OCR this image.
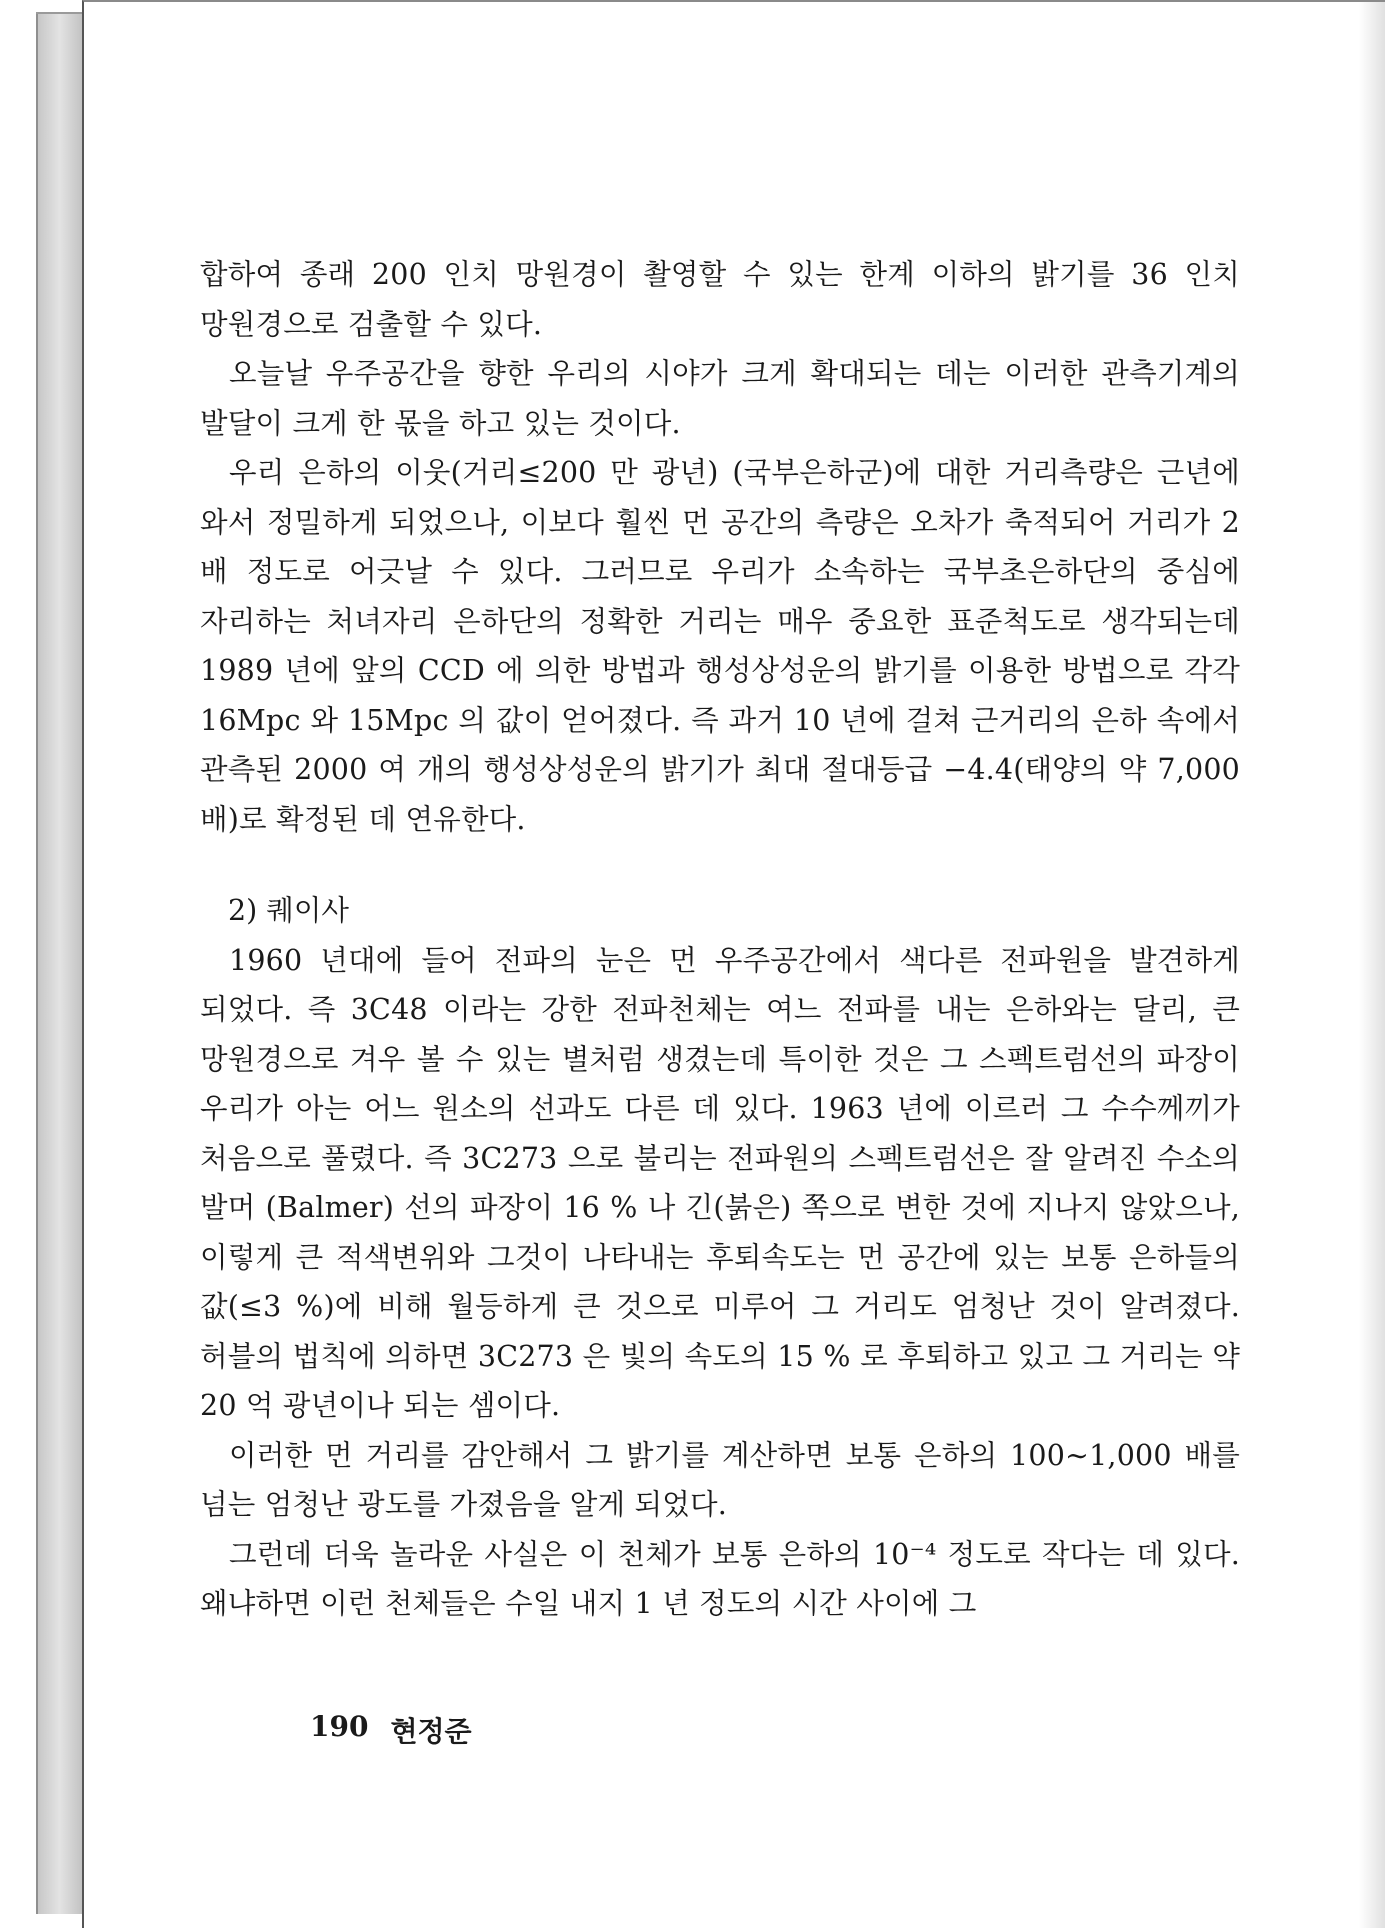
합하여 종래 200 인치 망원경이 촬영할 수 있는 한계 이하의 밝기를 36 인치 망원경으로 검출할 수 있다.

오늘날 우주공간을 향한 우리의 시야가 크게 확대되는 데는 이러한 관측기계의 발달이 크게 한 몫을 하고 있는 것이다.

우리 은하의 이웃(거리≤200 만 광년) (국부은하군)에 대한 거리측량은 근년에 와서 정밀하게 되었으나, 이보다 훨씬 먼 공간의 측량은 오차가 축적되어 거리가 2 배 정도로 어긋날 수 있다. 그러므로 우리가 소속하는 국부초은하단의 중심에 자리하는 처녀자리 은하단의 정확한 거리는 매우 중요한 표준척도로 생각되는데 1989 년에 앞의 CCD 에 의한 방법과 행성상성운의 밝기를 이용한 방법으로 각각 16Mpc 와 15Mpc 의 값이 얻어졌다. 즉 과거 10 년에 걸쳐 근거리의 은하 속에서 관측된 2000 여 개의 행성상성운의 밝기가 최대 절대등급 −4.4(태양의 약 7,000 배)로 확정된 데 연유한다.

2) 퀘이사

1960 년대에 들어 전파의 눈은 먼 우주공간에서 색다른 전파원을 발견하게 되었다. 즉 3C48 이라는 강한 전파천체는 여느 전파를 내는 은하와는 달리, 큰 망원경으로 겨우 볼 수 있는 별처럼 생겼는데 특이한 것은 그 스펙트럼선의 파장이 우리가 아는 어느 원소의 선과도 다른 데 있다. 1963 년에 이르러 그 수수께끼가 처음으로 풀렸다. 즉 3C273 으로 불리는 전파원의 스펙트럼선은 잘 알려진 수소의 발머 (Balmer) 선의 파장이 16 % 나 긴(붉은) 쪽으로 변한 것에 지나지 않았으나, 이렇게 큰 적색변위와 그것이 나타내는 후퇴속도는 먼 공간에 있는 보통 은하들의 값(≤3 %)에 비해 월등하게 큰 것으로 미루어 그 거리도 엄청난 것이 알려졌다. 허블의 법칙에 의하면 3C273 은 빛의 속도의 15 % 로 후퇴하고 있고 그 거리는 약 20 억 광년이나 되는 셈이다.

이러한 먼 거리를 감안해서 그 밝기를 계산하면 보통 은하의 100∼1,000 배를 넘는 엄청난 광도를 가졌음을 알게 되었다.

그런데 더욱 놀라운 사실은 이 천체가 보통 은하의 10⁻⁴ 정도로 작다는 데 있다. 왜냐하면 이런 천체들은 수일 내지 1 년 정도의 시간 사이에 그

190 현정준
